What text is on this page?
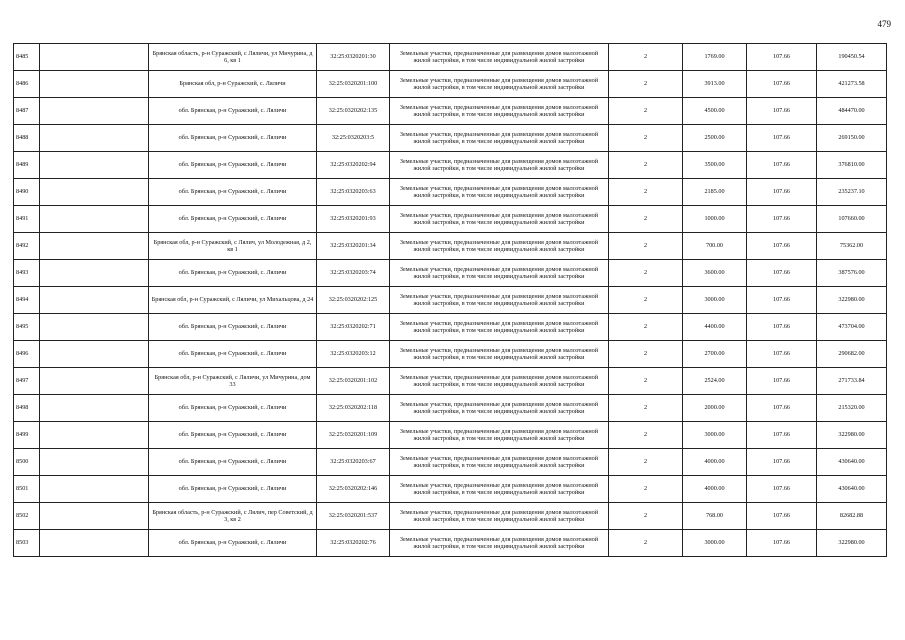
479
8485		Брянская область, р-н Суражский, с Ляличи, ул Мичурина, д 6, кв 1	32:25:0320201:30	Земельные участки, предназначенные для размещения домов малоэтажной жилой застройки, в том числе индивидуальной жилой застройки	2	1769.00	107.66	190450.54
8486		Брянская обл, р-н Суражский, с. Ляличи	32:25:0320201:100	Земельные участки, предназначенные для размещения домов малоэтажной жилой застройки, в том числе индивидуальной жилой застройки	2	3913.00	107.66	421273.58
8487		обл. Брянская, р-н Суражский, с. Ляличи	32:25:0320202:135	Земельные участки, предназначенные для размещения домов малоэтажной жилой застройки, в том числе индивидуальной жилой застройки	2	4500.00	107.66	484470.00
8488		обл. Брянская, р-н Суражский, с. Ляличи	32:25:0320203:5	Земельные участки, предназначенные для размещения домов малоэтажной жилой застройки, в том числе индивидуальной жилой застройки	2	2500.00	107.66	269150.00
8489		обл. Брянская, р-н Суражский, с. Ляличи	32:25:0320202:94	Земельные участки, предназначенные для размещения домов малоэтажной жилой застройки, в том числе индивидуальной жилой застройки	2	3500.00	107.66	376810.00
8490		обл. Брянская, р-н Суражский, с. Ляличи	32:25:0320203:63	Земельные участки, предназначенные для размещения домов малоэтажной жилой застройки, в том числе индивидуальной жилой застройки	2	2185.00	107.66	235237.10
8491		обл. Брянская, р-н Суражский, с. Ляличи	32:25:0320201:93	Земельные участки, предназначенные для размещения домов малоэтажной жилой застройки, в том числе индивидуальной жилой застройки	2	1000.00	107.66	107660.00
8492		Брянская обл, р-н Суражский, с Лялич, ул Молодежная, д 2, кв 1	32:25:0320201:34	Земельные участки, предназначенные для размещения домов малоэтажной жилой застройки, в том числе индивидуальной жилой застройки	2	700.00	107.66	75362.00
8493		обл. Брянская, р-н Суражский, с. Ляличи	32:25:0320203:74	Земельные участки, предназначенные для размещения домов малоэтажной жилой застройки, в том числе индивидуальной жилой застройки	2	3600.00	107.66	387576.00
8494		Брянская обл, р-н Суражский, с Ляличи, ул Михальцова, д 24	32:25:0320202:125	Земельные участки, предназначенные для размещения домов малоэтажной жилой застройки, в том числе индивидуальной жилой застройки	2	3000.00	107.66	322980.00
8495		обл. Брянская, р-н Суражский, с. Ляличи	32:25:0320202:71	Земельные участки, предназначенные для размещения домов малоэтажной жилой застройки, в том числе индивидуальной жилой застройки	2	4400.00	107.66	473704.00
8496		обл. Брянская, р-н Суражский, с. Ляличи	32:25:0320203:12	Земельные участки, предназначенные для размещения домов малоэтажной жилой застройки, в том числе индивидуальной жилой застройки	2	2700.00	107.66	290682.00
8497		Брянская обл, р-н Суражский, с Ляличи, ул Мичурина, дом 33	32:25:0320201:102	Земельные участки, предназначенные для размещения домов малоэтажной жилой застройки, в том числе индивидуальной жилой застройки	2	2524.00	107.66	271733.84
8498		обл. Брянская, р-н Суражский, с. Ляличи	32:25:0320202:118	Земельные участки, предназначенные для размещения домов малоэтажной жилой застройки, в том числе индивидуальной жилой застройки	2	2000.00	107.66	215320.00
8499		обл. Брянская, р-н Суражский, с. Ляличи	32:25:0320201:109	Земельные участки, предназначенные для размещения домов малоэтажной жилой застройки, в том числе индивидуальной жилой застройки	2	3000.00	107.66	322980.00
8500		обл. Брянская, р-н Суражский, с. Ляличи	32:25:0320203:67	Земельные участки, предназначенные для размещения домов малоэтажной жилой застройки, в том числе индивидуальной жилой застройки	2	4000.00	107.66	430640.00
8501		обл. Брянская, р-н Суражский, с. Ляличи	32:25:0320202:146	Земельные участки, предназначенные для размещения домов малоэтажной жилой застройки, в том числе индивидуальной жилой застройки	2	4000.00	107.66	430640.00
8502		Брянская область, р-н Суражский, с Лялич, пер Советский, д 3, кв 2	32:25:0320201:537	Земельные участки, предназначенные для размещения домов малоэтажной жилой застройки, в том числе индивидуальной жилой застройки	2	768.00	107.66	82682.88
8503		обл. Брянская, р-н Суражский, с. Ляличи	32:25:0320202:76	Земельные участки, предназначенные для размещения домов малоэтажной жилой застройки, в том числе индивидуальной жилой застройки	2	3000.00	107.66	322980.00
